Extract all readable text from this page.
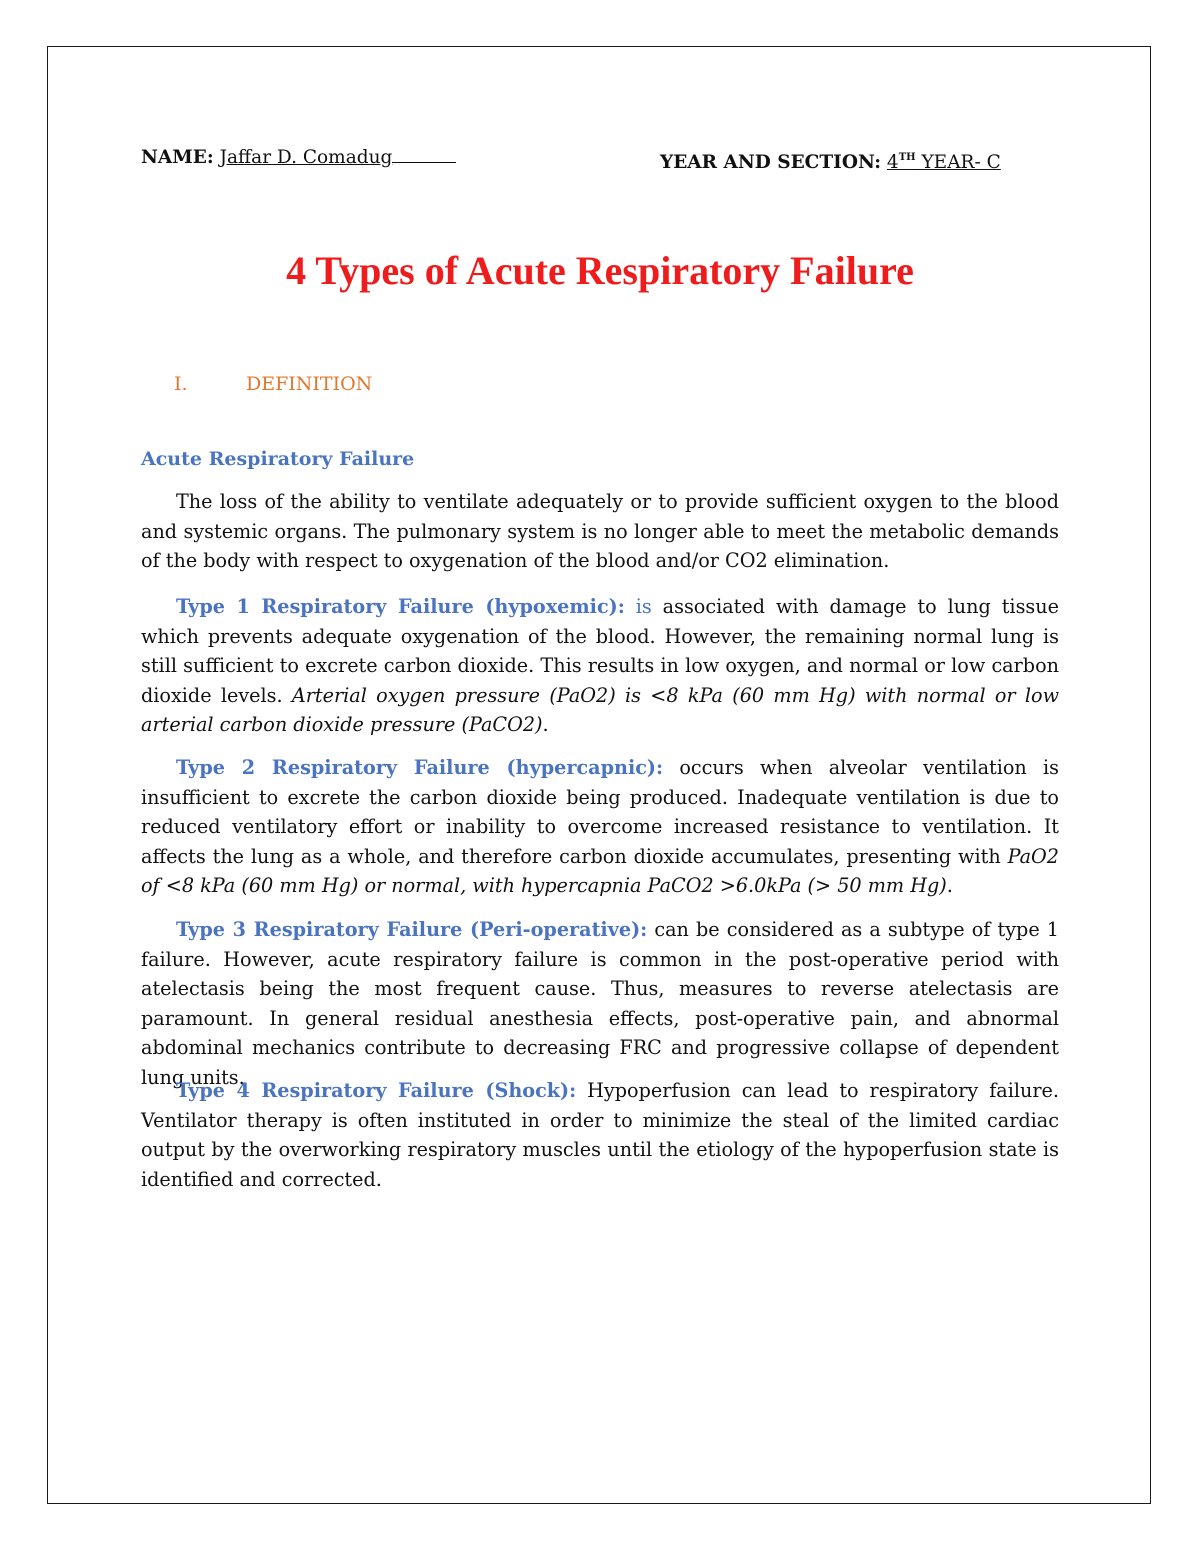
NAME: Jaffar D. Comadug	YEAR AND SECTION: 4TH YEAR- C
4 Types of Acute Respiratory Failure
I.	DEFINITION
Acute Respiratory Failure

The loss of the ability to ventilate adequately or to provide sufficient oxygen to the blood and systemic organs. The pulmonary system is no longer able to meet the metabolic demands of the body with respect to oxygenation of the blood and/or CO2 elimination.

Type 1 Respiratory Failure (hypoxemic): is associated with damage to lung tissue which prevents adequate oxygenation of the blood. However, the remaining normal lung is still sufficient to excrete carbon dioxide. This results in low oxygen, and normal or low carbon dioxide levels. Arterial oxygen pressure (PaO2) is <8 kPa (60 mm Hg) with normal or low arterial carbon dioxide pressure (PaCO2).

Type 2 Respiratory Failure (hypercapnic): occurs when alveolar ventilation is insufficient to excrete the carbon dioxide being produced. Inadequate ventilation is due to reduced ventilatory effort or inability to overcome increased resistance to ventilation. It affects the lung as a whole, and therefore carbon dioxide accumulates, presenting with PaO2 of <8 kPa (60 mm Hg) or normal, with hypercapnia PaCO2 >6.0kPa (> 50 mm Hg).

Type 3 Respiratory Failure (Peri-operative): can be considered as a subtype of type 1 failure. However, acute respiratory failure is common in the post-operative period with atelectasis being the most frequent cause. Thus, measures to reverse atelectasis are paramount. In general residual anesthesia effects, post-operative pain, and abnormal abdominal mechanics contribute to decreasing FRC and progressive collapse of dependent lung units.

Type 4 Respiratory Failure (Shock): Hypoperfusion can lead to respiratory failure. Ventilator therapy is often instituted in order to minimize the steal of the limited cardiac output by the overworking respiratory muscles until the etiology of the hypoperfusion state is identified and corrected.
